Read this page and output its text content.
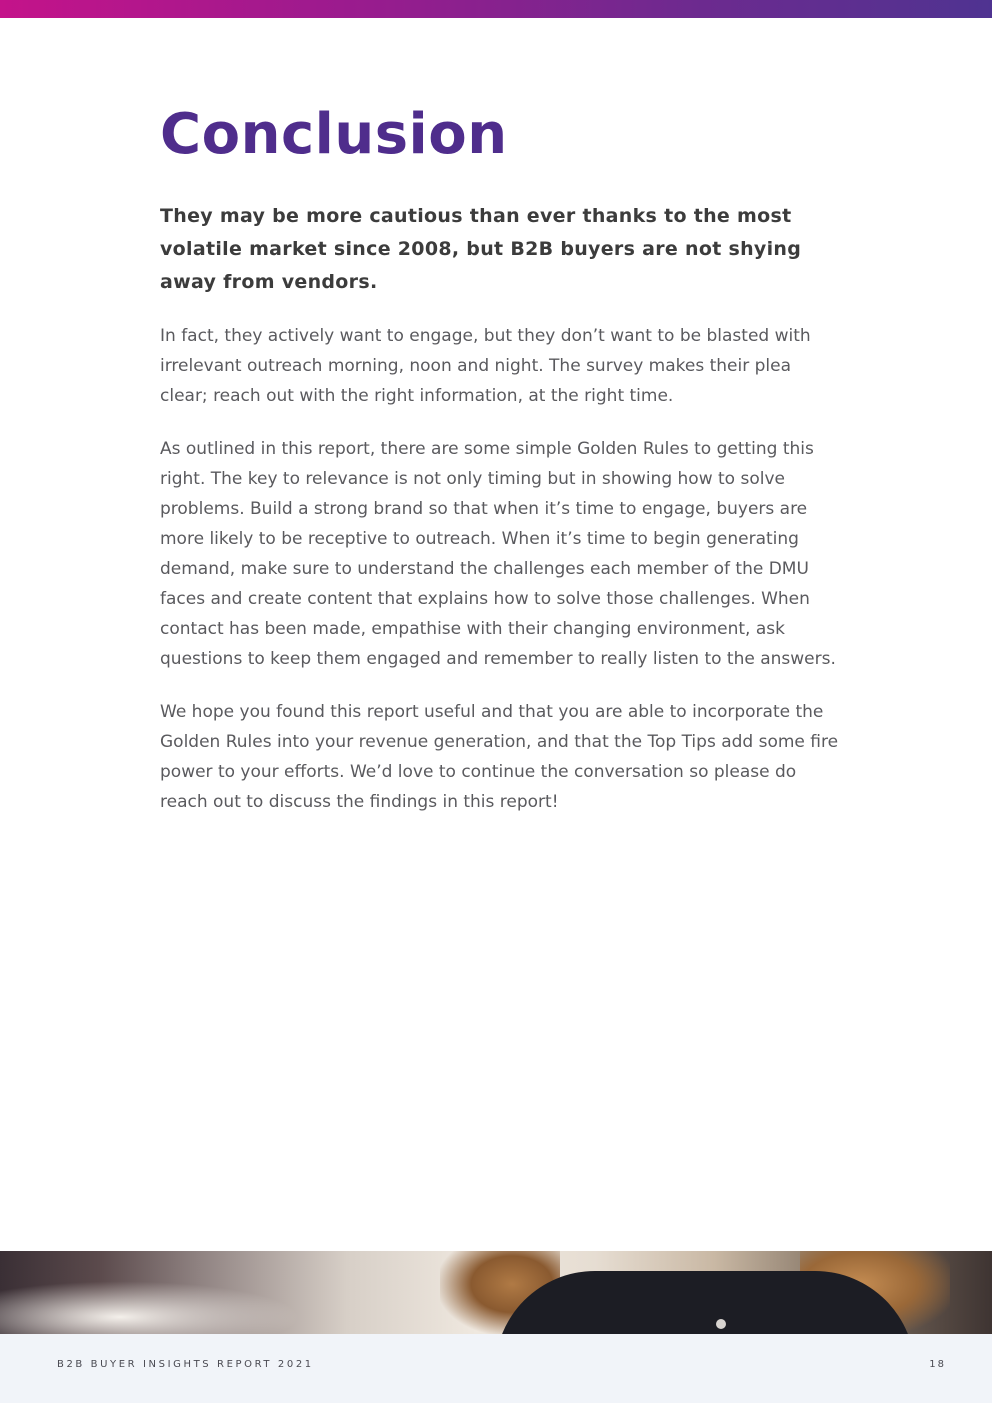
Conclusion

They may be more cautious than ever thanks to the most volatile market since 2008, but B2B buyers are not shying away from vendors.

In fact, they actively want to engage, but they don’t want to be blasted with irrelevant outreach morning, noon and night. The survey makes their plea clear; reach out with the right information, at the right time.

As outlined in this report, there are some simple Golden Rules to getting this right. The key to relevance is not only timing but in showing how to solve problems. Build a strong brand so that when it’s time to engage, buyers are more likely to be receptive to outreach. When it’s time to begin generating demand, make sure to understand the challenges each member of the DMU faces and create content that explains how to solve those challenges. When contact has been made, empathise with their changing environment, ask questions to keep them engaged and remember to really listen to the answers.

We hope you found this report useful and that you are able to incorporate the Golden Rules into your revenue generation, and that the Top Tips add some fire power to your efforts. We’d love to continue the conversation so please do reach out to discuss the findings in this report!

B2B BUYER INSIGHTS REPORT 2021	18
